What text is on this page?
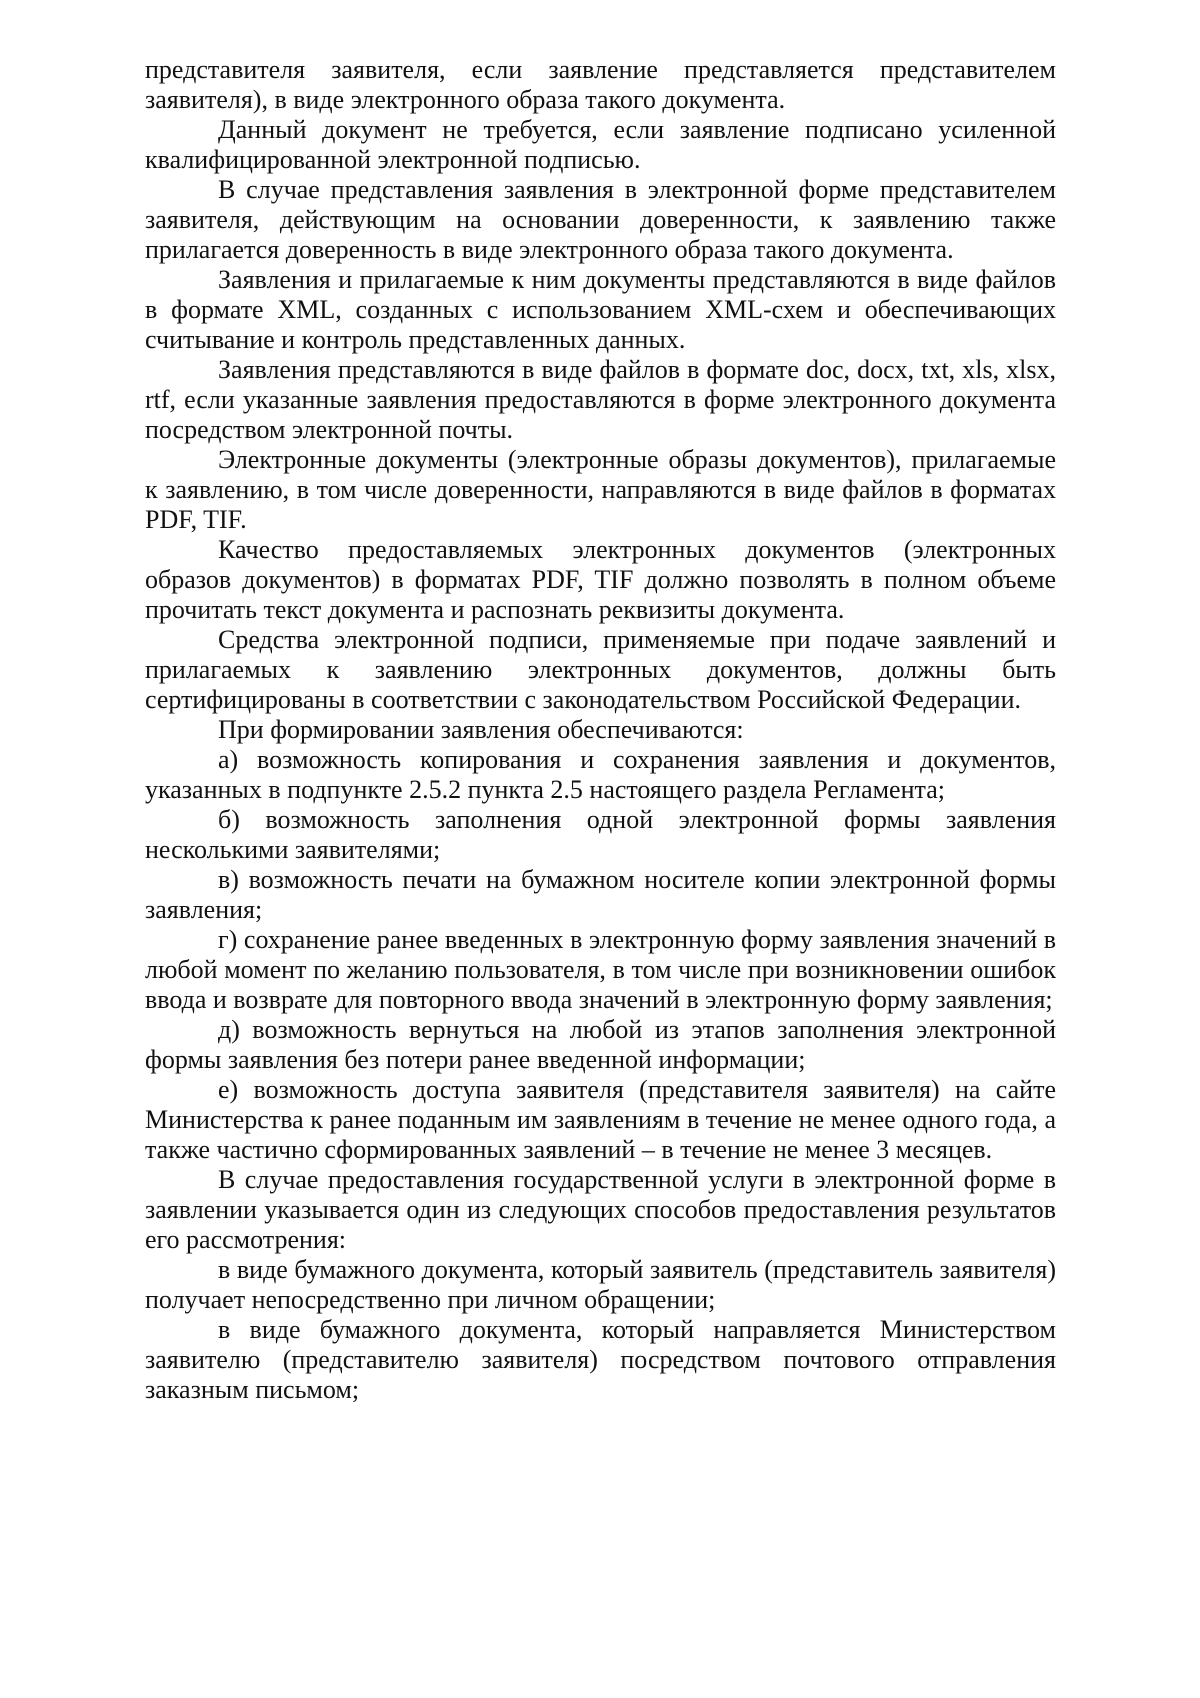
представителя заявителя, если заявление представляется представителем заявителя), в виде электронного образа такого документа.

Данный документ не требуется, если заявление подписано усиленной квалифицированной электронной подписью.

В случае представления заявления в электронной форме представителем заявителя, действующим на основании доверенности, к заявлению также прилагается доверенность в виде электронного образа такого документа.

Заявления и прилагаемые к ним документы представляются в виде файлов в формате XML, созданных с использованием XML-схем и обеспечивающих считывание и контроль представленных данных.

Заявления представляются в виде файлов в формате doc, docx, txt, xls, xlsx, rtf, если указанные заявления предоставляются в форме электронного документа посредством электронной почты.

Электронные документы (электронные образы документов), прилагаемые к заявлению, в том числе доверенности, направляются в виде файлов в форматах PDF, TIF.

Качество предоставляемых электронных документов (электронных образов документов) в форматах PDF, TIF должно позволять в полном объеме прочитать текст документа и распознать реквизиты документа.

Средства электронной подписи, применяемые при подаче заявлений и прилагаемых к заявлению электронных документов, должны быть сертифицированы в соответствии с законодательством Российской Федерации.

При формировании заявления обеспечиваются:

а) возможность копирования и сохранения заявления и документов, указанных в подпункте 2.5.2 пункта 2.5 настоящего раздела Регламента;

б) возможность заполнения одной электронной формы заявления несколькими заявителями;

в) возможность печати на бумажном носителе копии электронной формы заявления;

г) сохранение ранее введенных в электронную форму заявления значений в любой момент по желанию пользователя, в том числе при возникновении ошибок ввода и возврате для повторного ввода значений в электронную форму заявления;

д) возможность вернуться на любой из этапов заполнения электронной формы заявления без потери ранее введенной информации;

е) возможность доступа заявителя (представителя заявителя) на сайте Министерства к ранее поданным им заявлениям в течение не менее одного года, а также частично сформированных заявлений – в течение не менее 3 месяцев.

В случае предоставления государственной услуги в электронной форме в заявлении указывается один из следующих способов предоставления результатов его рассмотрения:

в виде бумажного документа, который заявитель (представитель заявителя) получает непосредственно при личном обращении;

в виде бумажного документа, который направляется Министерством заявителю (представителю заявителя) посредством почтового отправления заказным письмом;
